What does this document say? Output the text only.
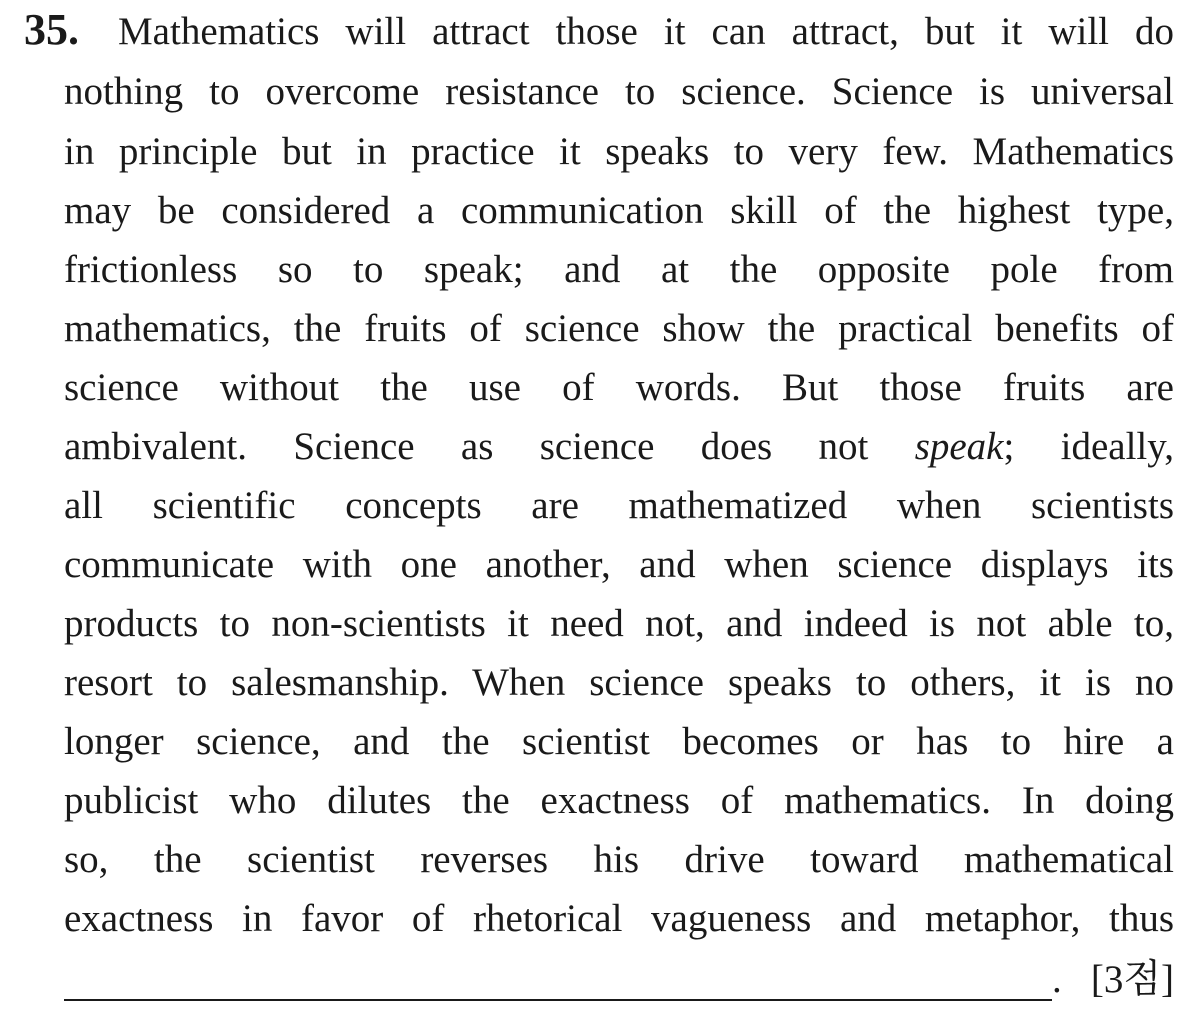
35. Mathematics will attract those it can attract, but it will do
nothing to overcome resistance to science. Science is universal
in principle but in practice it speaks to very few. Mathematics
may be considered a communication skill of the highest type,
frictionless so to speak; and at the opposite pole from
mathematics, the fruits of science show the practical benefits of
science without the use of words. But those fruits are
ambivalent. Science as science does not speak; ideally,
all scientific concepts are mathematized when scientists
communicate with one another, and when science displays its
products to non-scientists it need not, and indeed is not able to,
resort to salesmanship. When science speaks to others, it is no
longer science, and the scientist becomes or has to hire a
publicist who dilutes the exactness of mathematics. In doing
so, the scientist reverses his drive toward mathematical
exactness in favor of rhetorical vagueness and metaphor, thus
. [3점]
